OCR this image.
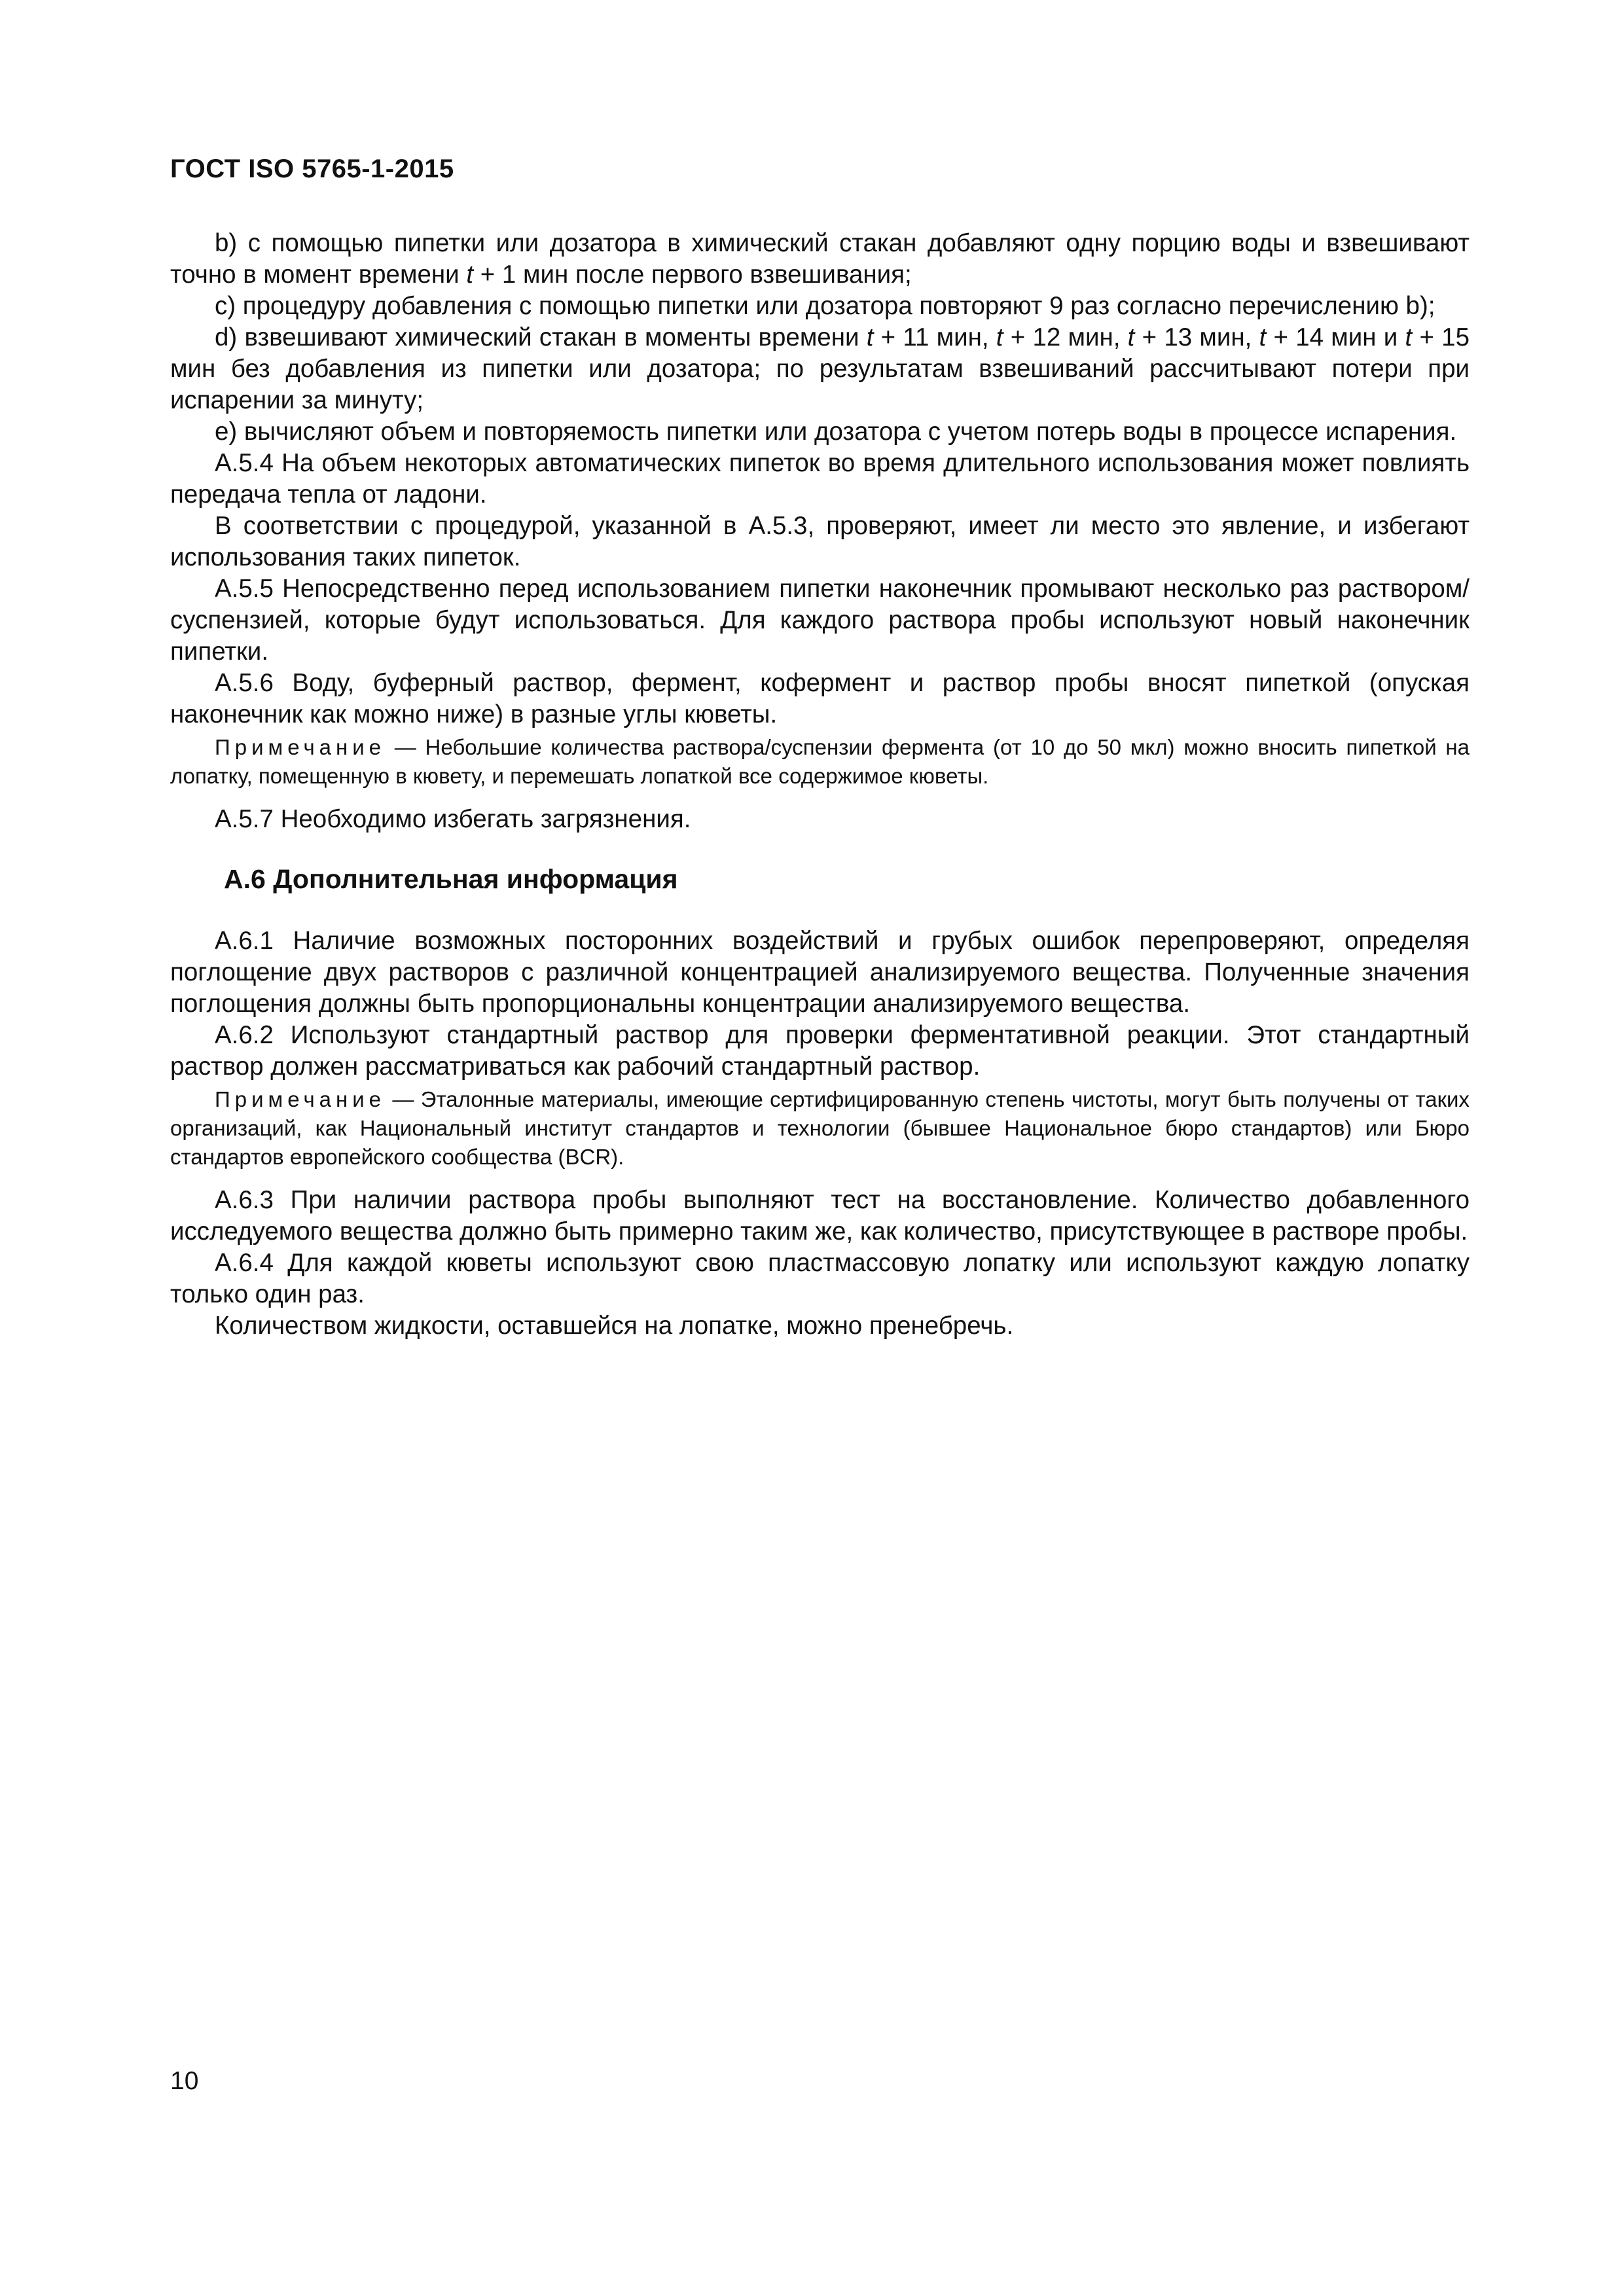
ГОСТ ISO 5765-1-2015

b) с помощью пипетки или дозатора в химический стакан добавляют одну порцию воды и взвешивают точно в момент времени t + 1 мин после первого взвешивания;

с) процедуру добавления с помощью пипетки или дозатора повторяют 9 раз согласно перечислению b);

d) взвешивают химический стакан в моменты времени t + 11 мин, t + 12 мин, t + 13 мин, t + 14 мин и t + 15 мин без добавления из пипетки или дозатора; по результатам взвешиваний рассчитывают потери при испарении за минуту;

е) вычисляют объем и повторяемость пипетки или дозатора с учетом потерь воды в процессе испарения.

А.5.4 На объем некоторых автоматических пипеток во время длительного использования может повлиять передача тепла от ладони.

В соответствии с процедурой, указанной в А.5.3, проверяют, имеет ли место это явление, и избегают использования таких пипеток.

А.5.5 Непосредственно перед использованием пипетки наконечник промывают несколько раз раствором/суспензией, которые будут использоваться. Для каждого раствора пробы используют новый наконечник пипетки.

А.5.6 Воду, буферный раствор, фермент, кофермент и раствор пробы вносят пипеткой (опуская наконечник как можно ниже) в разные углы кюветы.

Примечание — Небольшие количества раствора/суспензии фермента (от 10 до 50 мкл) можно вносить пипеткой на лопатку, помещенную в кювету, и перемешать лопаткой все содержимое кюветы.

А.5.7 Необходимо избегать загрязнения.

А.6 Дополнительная информация

А.6.1 Наличие возможных посторонних воздействий и грубых ошибок перепроверяют, определяя поглощение двух растворов с различной концентрацией анализируемого вещества. Полученные значения поглощения должны быть пропорциональны концентрации анализируемого вещества.

А.6.2 Используют стандартный раствор для проверки ферментативной реакции. Этот стандартный раствор должен рассматриваться как рабочий стандартный раствор.

Примечание — Эталонные материалы, имеющие сертифицированную степень чистоты, могут быть получены от таких организаций, как Национальный институт стандартов и технологии (бывшее Национальное бюро стандартов) или Бюро стандартов европейского сообщества (BCR).

А.6.3 При наличии раствора пробы выполняют тест на восстановление. Количество добавленного исследуемого вещества должно быть примерно таким же, как количество, присутствующее в растворе пробы.

А.6.4 Для каждой кюветы используют свою пластмассовую лопатку или используют каждую лопатку только один раз.

Количеством жидкости, оставшейся на лопатке, можно пренебречь.

10
